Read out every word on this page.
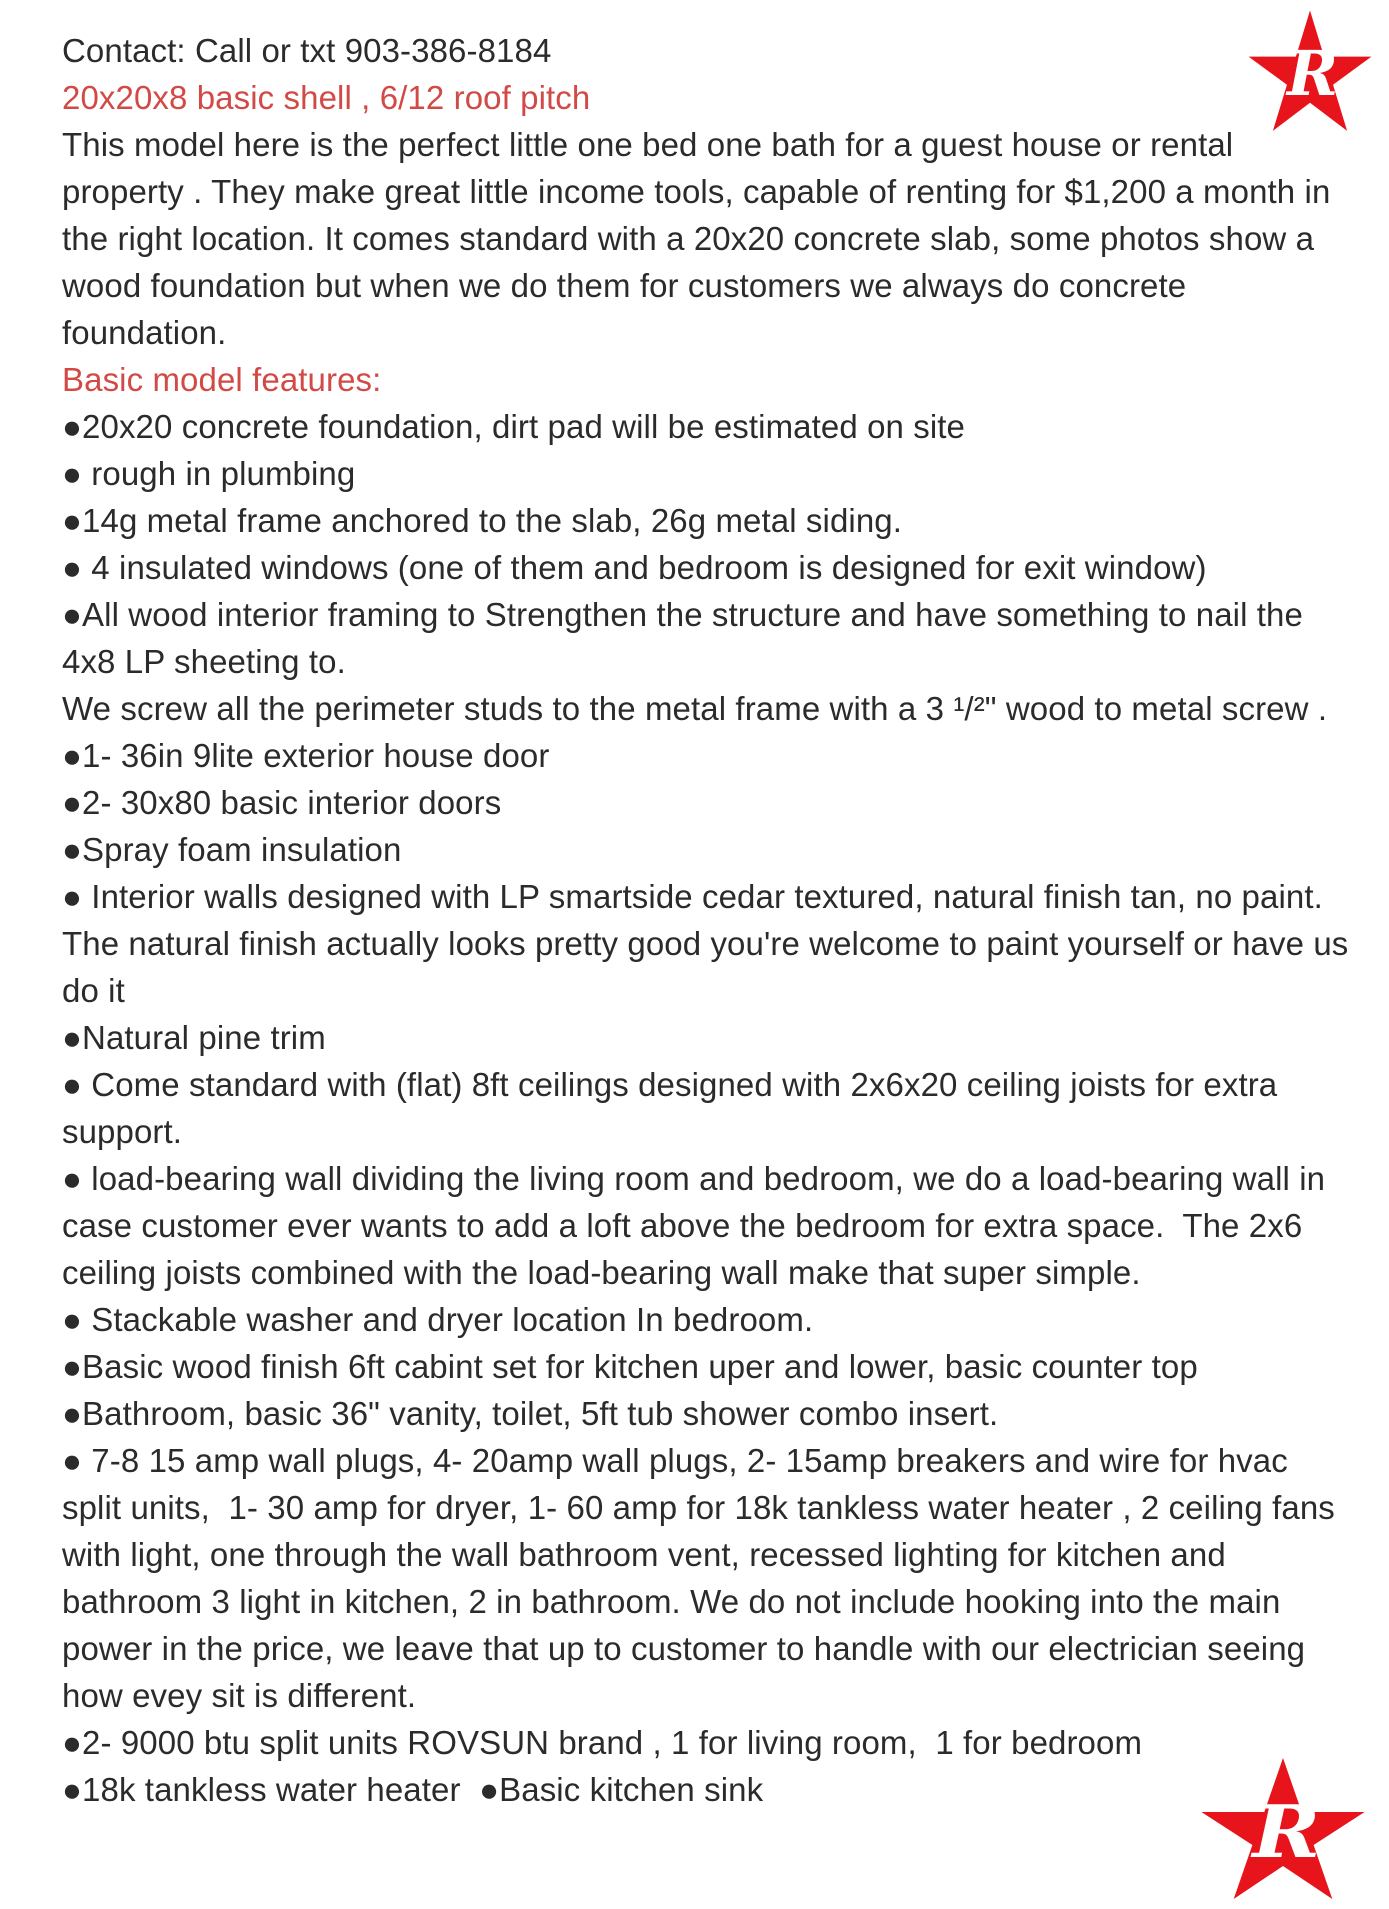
Contact: Call or txt 903-386-8184

20x20x8 basic shell , 6/12 roof pitch

This model here is the perfect little one bed one bath for a guest house or rental property . They make great little income tools, capable of renting for $1,200 a month in the right location. It comes standard with a 20x20 concrete slab, some photos show a wood foundation but when we do them for customers we always do concrete foundation.

Basic model features:

●20x20 concrete foundation, dirt pad will be estimated on site

● rough in plumbing

●14g metal frame anchored to the slab, 26g metal siding.

● 4 insulated windows (one of them and bedroom is designed for exit window)

●All wood interior framing to Strengthen the structure and have something to nail the 4x8 LP sheeting to.

We screw all the perimeter studs to the metal frame with a 3 ¹/²" wood to metal screw .

●1- 36in 9lite exterior house door

●2- 30x80 basic interior doors

●Spray foam insulation

● Interior walls designed with LP smartside cedar textured, natural finish tan, no paint.  The natural finish actually looks pretty good you're welcome to paint yourself or have us do it

●Natural pine trim

● Come standard with (flat) 8ft ceilings designed with 2x6x20 ceiling joists for extra support.

● load-bearing wall dividing the living room and bedroom, we do a load-bearing wall in case customer ever wants to add a loft above the bedroom for extra space.  The 2x6 ceiling joists combined with the load-bearing wall make that super simple.

● Stackable washer and dryer location In bedroom.

●Basic wood finish 6ft cabint set for kitchen uper and lower, basic counter top

●Bathroom, basic 36" vanity, toilet, 5ft tub shower combo insert.

● 7-8 15 amp wall plugs, 4- 20amp wall plugs, 2- 15amp breakers and wire for hvac split units,  1- 30 amp for dryer, 1- 60 amp for 18k tankless water heater , 2 ceiling fans with light, one through the wall bathroom vent, recessed lighting for kitchen and bathroom 3 light in kitchen, 2 in bathroom. We do not include hooking into the main power in the price, we leave that up to customer to handle with our electrician seeing how evey sit is different.

●2- 9000 btu split units ROVSUN brand , 1 for living room,  1 for bedroom

●18k tankless water heater  ●Basic kitchen sink

R
R
